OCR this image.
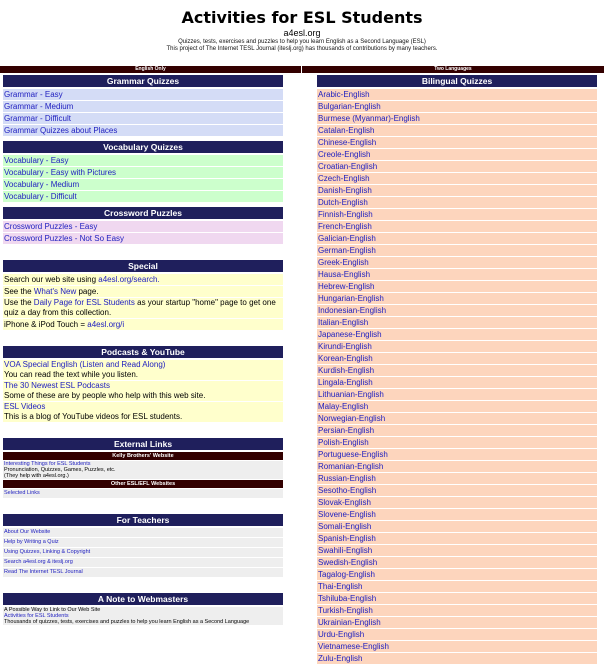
Activities for ESL Students
a4esl.org
Quizzes, tests, exercises and puzzles to help you learn English as a Second Language (ESL)
This project of The Internet TESL Journal (iteslj.org) has thousands of contributions by many teachers.
English Only	Two Languages
Grammar Quizzes
Grammar - Easy
Grammar - Medium
Grammar - Difficult
Grammar Quizzes about Places
Vocabulary Quizzes
Vocabulary - Easy
Vocabulary - Easy with Pictures
Vocabulary - Medium
Vocabulary - Difficult
Crossword Puzzles
Crossword Puzzles - Easy
Crossword Puzzles - Not So Easy
Special
Search our web site using a4esl.org/search.
See the What's New page.
Use the Daily Page for ESL Students as your startup "home" page to get one quiz a day from this collection.
iPhone & iPod Touch = a4esl.org/i
Podcasts & YouTube
VOA Special English (Listen and Read Along)
You can read the text while you listen.
The 30 Newest ESL Podcasts
Some of these are by people who help with this web site.
ESL Videos
This is a blog of YouTube videos for ESL students.
External Links
Kelly Brothers' Website
Interesting Things for ESL Students
Pronunciation, Quizzes, Games, Puzzles, etc.
(They help with a4esl.org.)
Other ESL/EFL Websites
Selected Links
For Teachers
About Our Website
Help by Writing a Quiz
Using Quizzes, Linking & Copyright
Search a4esl.org & iteslj.org
Read The Internet TESL Journal
A Note to Webmasters
A Possible Way to Link to Our Web Site
Activities for ESL Students
Thousands of quizzes, tests, exercises and puzzles to help you learn English as a Second Language
Bilingual Quizzes
Arabic-English
Bulgarian-English
Burmese (Myanmar)-English
Catalan-English
Chinese-English
Creole-English
Croatian-English
Czech-English
Danish-English
Dutch-English
Finnish-English
French-English
Galician-English
German-English
Greek-English
Hausa-English
Hebrew-English
Hungarian-English
Indonesian-English
Italian-English
Japanese-English
Kirundi-English
Korean-English
Kurdish-English
Lingala-English
Lithuanian-English
Malay-English
Norwegian-English
Persian-English
Polish-English
Portuguese-English
Romanian-English
Russian-English
Sesotho-English
Slovak-English
Slovene-English
Somali-English
Spanish-English
Swahili-English
Swedish-English
Tagalog-English
Thai-English
Tshiluba-English
Turkish-English
Ukrainian-English
Urdu-English
Vietnamese-English
Zulu-English
